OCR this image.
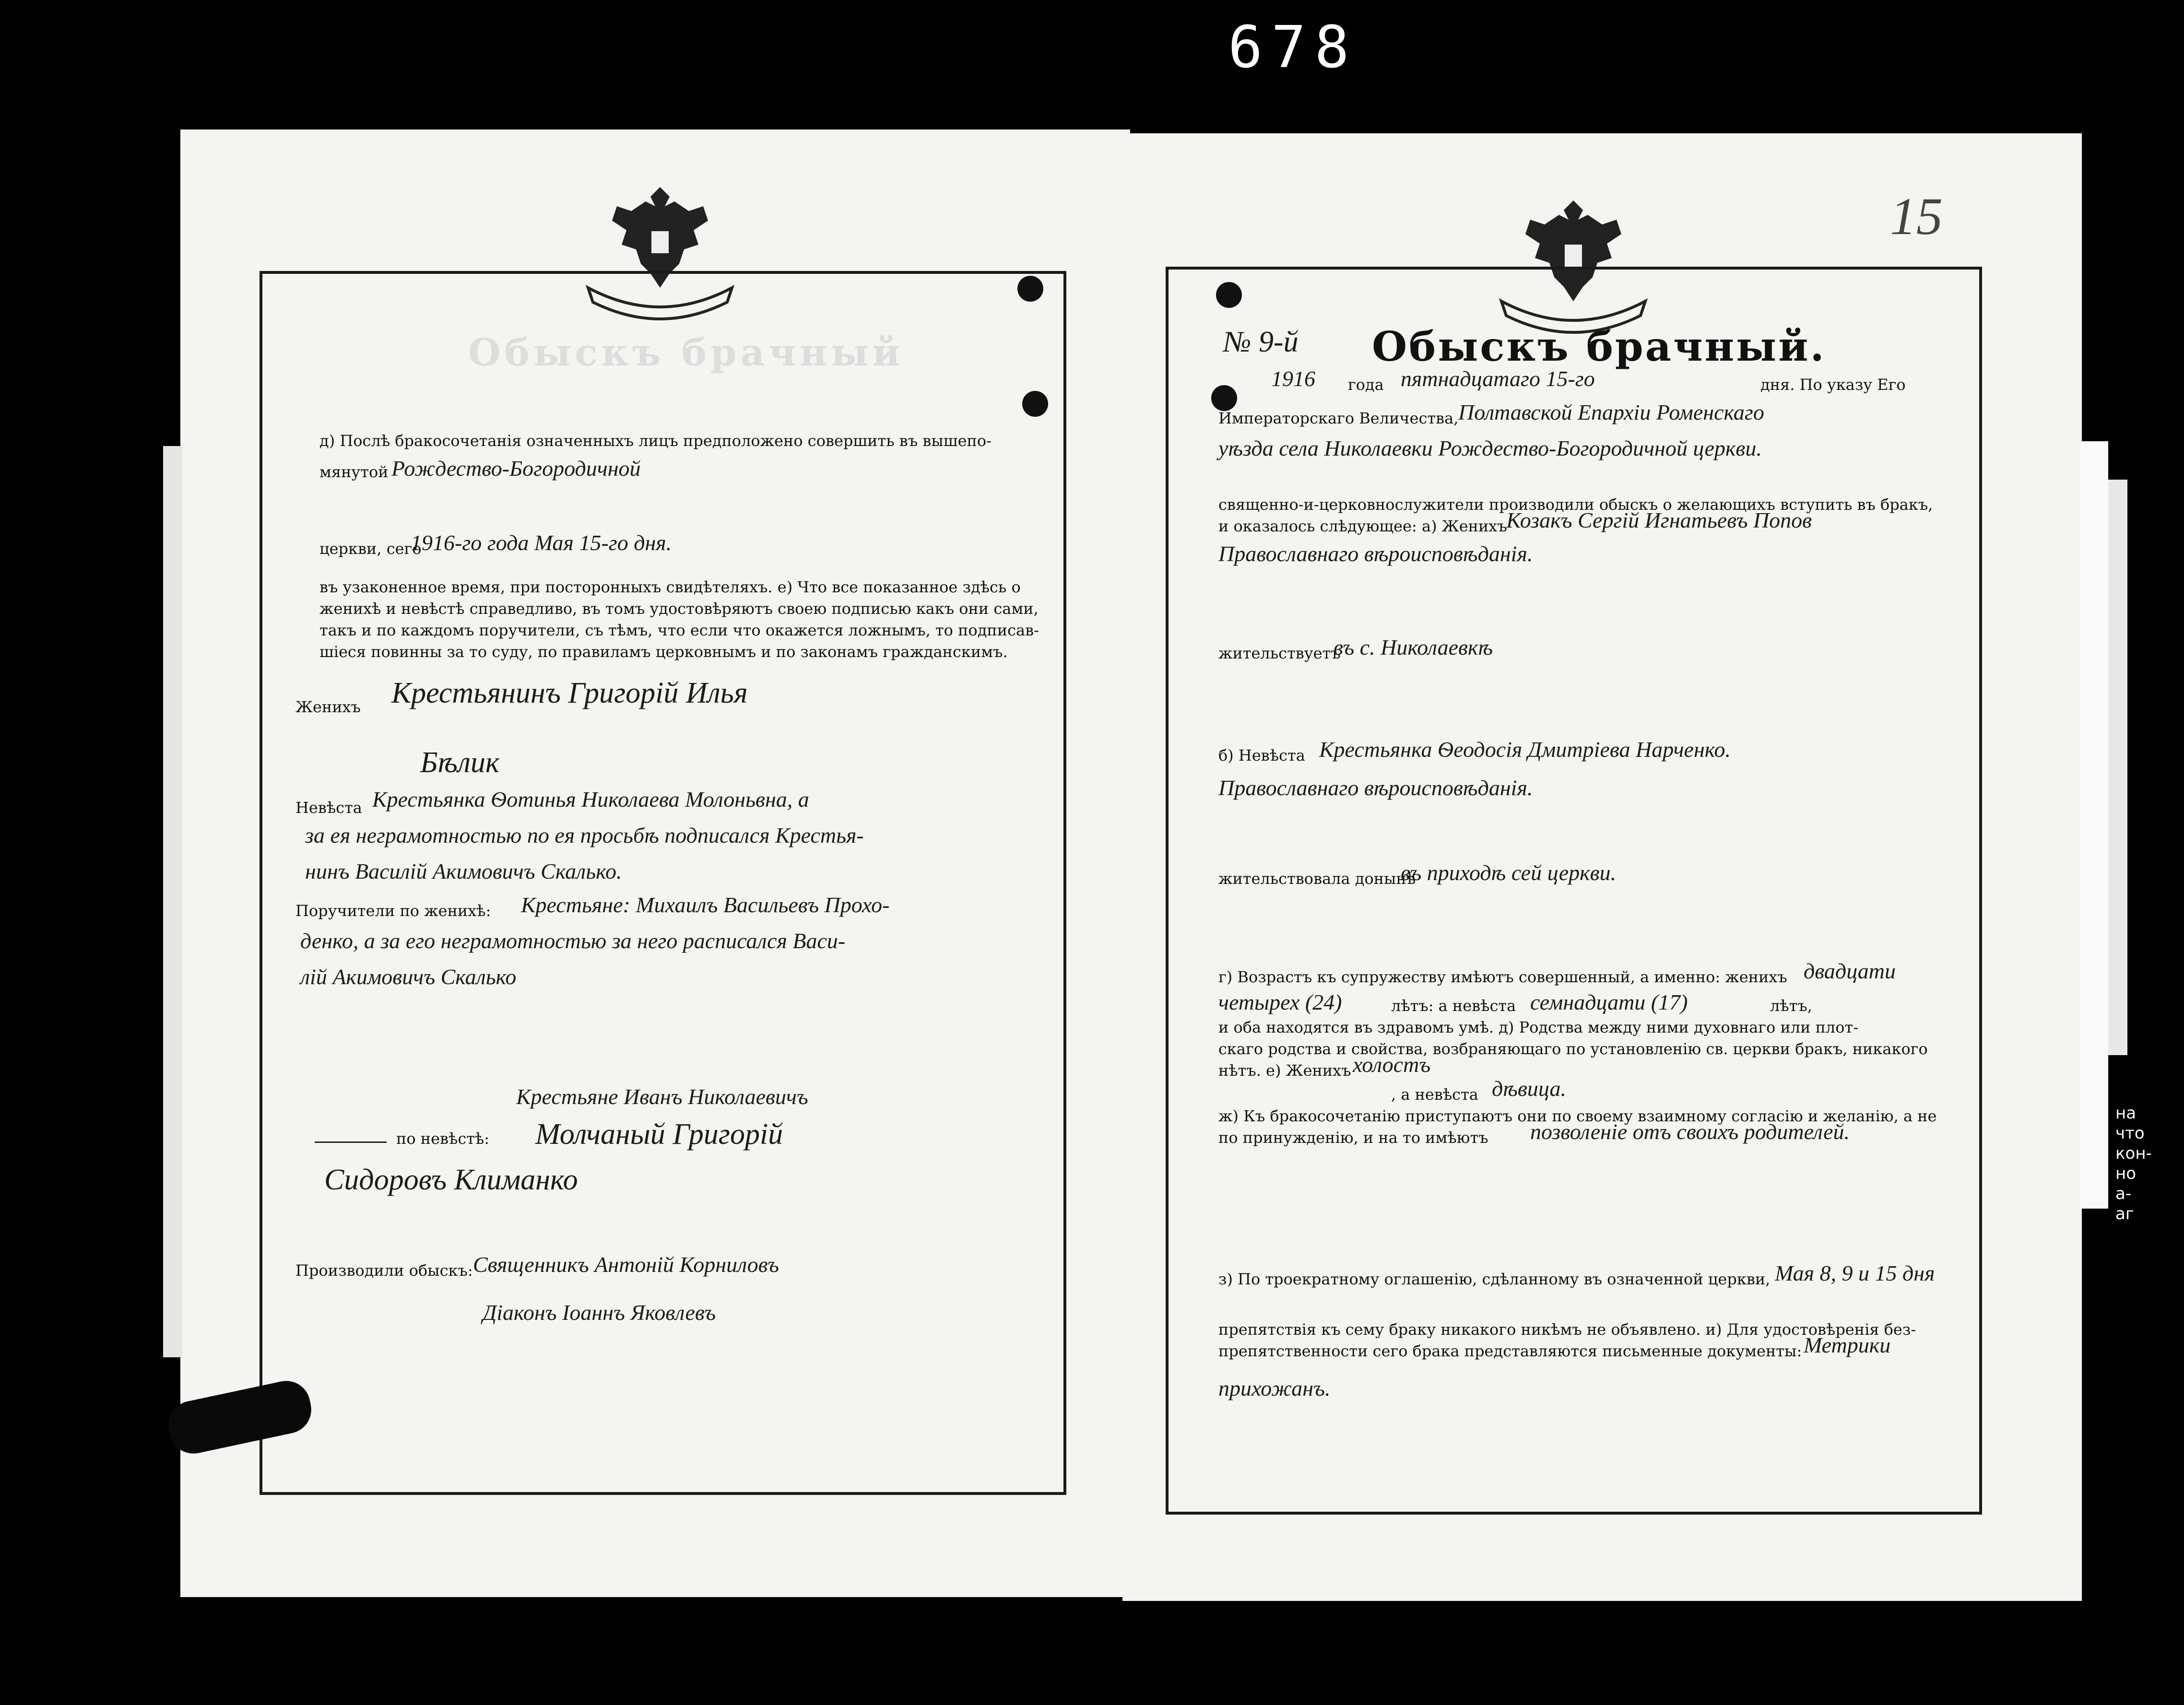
678
Обыскъ брачный
д) Послѣ бракосочетанія означенныхъ лицъ предположено совершить въ вышепо-
мянутой Рождество-Богородичной
церкви, сего
1916-го года Мая 15-го дня.
въ узаконенное время, при посторонныхъ свидѣтеляхъ. е) Что все показанное здѣсь о
женихѣ и невѣстѣ справедливо, въ томъ удостовѣряютъ своею подписью какъ они сами,
такъ и по каждомъ поручители, съ тѣмъ, что если что окажется ложнымъ, то подписав-
шіеся повинны за то суду, по правиламъ церковнымъ и по законамъ гражданскимъ.
Женихъ Крестьянинъ Григорій Илья
Бѣлик
Невѣста Крестьянка Ѳотинья Николаева Молоньвна, а
за ея неграмотностью по ея просьбѣ подписался Крестья-
нинъ Василій Акимовичъ Скалько.
Поручители по женихѣ: Крестьяне: Михаилъ Васильевъ Прохо-
денко, а за его неграмотностью за него расписался Васи-
лій Акимовичъ Скалько
Крестьяне Иванъ Николаевичъ
по невѣстѣ: Молчаный Григорій
Сидоровъ Климанко
Производили обыскъ: Священникъ Антоній Корниловъ
Діаконъ Іоаннъ Яковлевъ
15
№ 9-й Обыскъ брачный.
1916 года пятнадцатаго 15-го	дня. По указу Его
Императорскаго Величества, Полтавской Епархіи Роменскаго
уѣзда села Николаевки Рождество-Богородичной церкви.
священно-и-церковнослужители производили обыскъ о желающихъ вступить въ бракъ,
и оказалось слѣдующее: а) Женихъ
Козакъ Сергій Игнатьевъ Попов
Православнаго вѣроисповѣданія.
жительствуетъ
въ с. Николаевкѣ
б) Невѣста Крестьянка Ѳеодосія Дмитріева Нарченко.
Православнаго вѣроисповѣданія.
жительствовала донынѣ
въ приходѣ сей церкви.
г) Возрастъ къ супружеству имѣютъ совершенный, а именно: женихъ двадцати
четырех (24)	лѣтъ: а невѣста семнадцати (17)	лѣтъ,
и оба находятся въ здравомъ умѣ. д) Родства между ними духовнаго или плот-
скаго родства и свойства, возбраняющаго по установленію св. церкви бракъ, никакого
нѣтъ. е) Женихъ холостъ
, а невѣста дѣвица.
ж) Къ бракосочетанію приступаютъ они по своему взаимному согласію и желанію, а не
по принужденію, и на то имѣютъ позволеніе отъ своихъ родителей.
з) По троекратному оглашенію, сдѣланному въ означенной церкви, Мая 8, 9 и 15 дня
препятствія къ сему браку никакого никѣмъ не объявлено. и) Для удостовѣренія без-
препятственности сего брака представляются письменные документы: Метрики
прихожанъ.
на
что
кон-
но
а-
аг
